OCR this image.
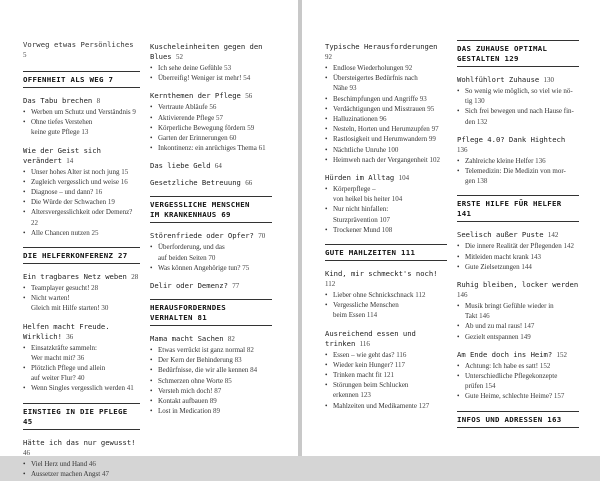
Vorweg etwas Persönliches 5
OFFENHEIT ALS WEG 7
Das Tabu brechen 8
• Werben um Schutz und Verständnis 9
• Ohne tiefes Verstehen
keine gute Pflege 13
Wie der Geist sich verändert 14
• Unser hohes Alter ist noch jung 15
• Zugleich vergesslich und weise 16
• Diagnose – und dann? 16
• Die Würde der Schwachen 19
• Altersvergesslichkeit oder Demenz? 22
• Alle Chancen nutzen 25
DIE HELFERKONFERENZ 27
Ein tragbares Netz weben 28
• Teamplayer gesucht! 28
• Nicht warten!
Gleich mit Hilfe starten! 30
Helfen macht Freude. Wirklich! 36
• Einsatzkräfte sammeln:
Wer macht mit? 36
• Plötzlich Pflege und allein
auf weiter Flur? 40
• Wenn Singles vergesslich werden 41
EINSTIEG IN DIE PFLEGE 45
Hätte ich das nur gewusst! 46
• Viel Herz und Hand 46
• Aussetzer machen Angst 47
Kuscheleinheiten gegen den Blues 52
• Ich sehe deine Gefühle 53
• Überreifig! Weniger ist mehr! 54
Kernthemen der Pflege 56
• Vertraute Abläufe 56
• Aktivierende Pflege 57
• Körperliche Bewegung fördern 59
• Garten der Erinnerungen 60
• Inkontinenz: ein anrüchiges Thema 61
Das liebe Geld 64
Gesetzliche Betreuung 66
VERGESSLICHE MENSCHEN
IM KRANKENHAUS 69
Störenfriede oder Opfer? 70
• Überforderung, und das
auf beiden Seiten 70
• Was können Angehörige tun? 75
Delir oder Demenz? 77
HERAUSFORDERNDES
VERHALTEN 81
Mama macht Sachen 82
• Etwas verrückt ist ganz normal 82
• Der Kern der Behinderung 83
• Bedürfnisse, die wir alle kennen 84
• Schmerzen ohne Worte 85
• Versteh mich doch! 87
• Kontakt aufbauen 89
• Lost in Medication 89
Typische Herausforderungen 92
• Endlose Wiederholungen 92
• Übersteigertes Bedürfnis nach
Nähe 93
• Beschimpfungen und Angriffe 93
• Verdächtigungen und Misstrauen 95
• Halluzinationen 96
• Nesteln, Horten und Herumzupfen 97
• Rastlosigkeit und Herumwandern 99
• Nächtliche Unruhe 100
• Heimweh nach der Vergangenheit 102
Hürden im Alltag 104
• Körperpflege –
von heikel bis heiter 104
• Nur nicht hinfallen:
Sturzprävention 107
• Trockener Mund 108
GUTE MAHLZEITEN 111
Kind, mir schmeckt's noch! 112
• Lieber ohne Schnickschnack 112
• Vergessliche Menschen
beim Essen 114
Ausreichend essen und trinken 116
• Essen – wie geht das? 116
• Wieder kein Hunger? 117
• Trinken macht fit 121
• Störungen beim Schlucken
erkennen 123
• Mahlzeiten und Medikamente 127
DAS ZUHAUSE OPTIMAL
GESTALTEN 129
Wohlfühlort Zuhause 130
• So wenig wie möglich, so viel wie nö-
tig 130
• Sich frei bewegen und nach Hause fin-
den 132
Pflege 4.0? Dank Hightech 136
• Zahlreiche kleine Helfer 136
• Telemedizin: Die Medizin von mor-
gen 138
ERSTE HILFE FÜR HELFER 141
Seelisch außer Puste 142
• Die innere Realität der Pflegenden 142
• Mitleiden macht krank 143
• Gute Zielsetzungen 144
Ruhig bleiben, locker werden 146
• Musik bringt Gefühle wieder in
Takt 146
• Ab und zu mal raus! 147
• Gezielt entspannen 149
Am Ende doch ins Heim? 152
• Achtung: Ich habe es satt! 152
• Unterschiedliche Pflegekonzepte
prüfen 154
• Gute Heime, schlechte Heime? 157
INFOS UND ADRESSEN 163
